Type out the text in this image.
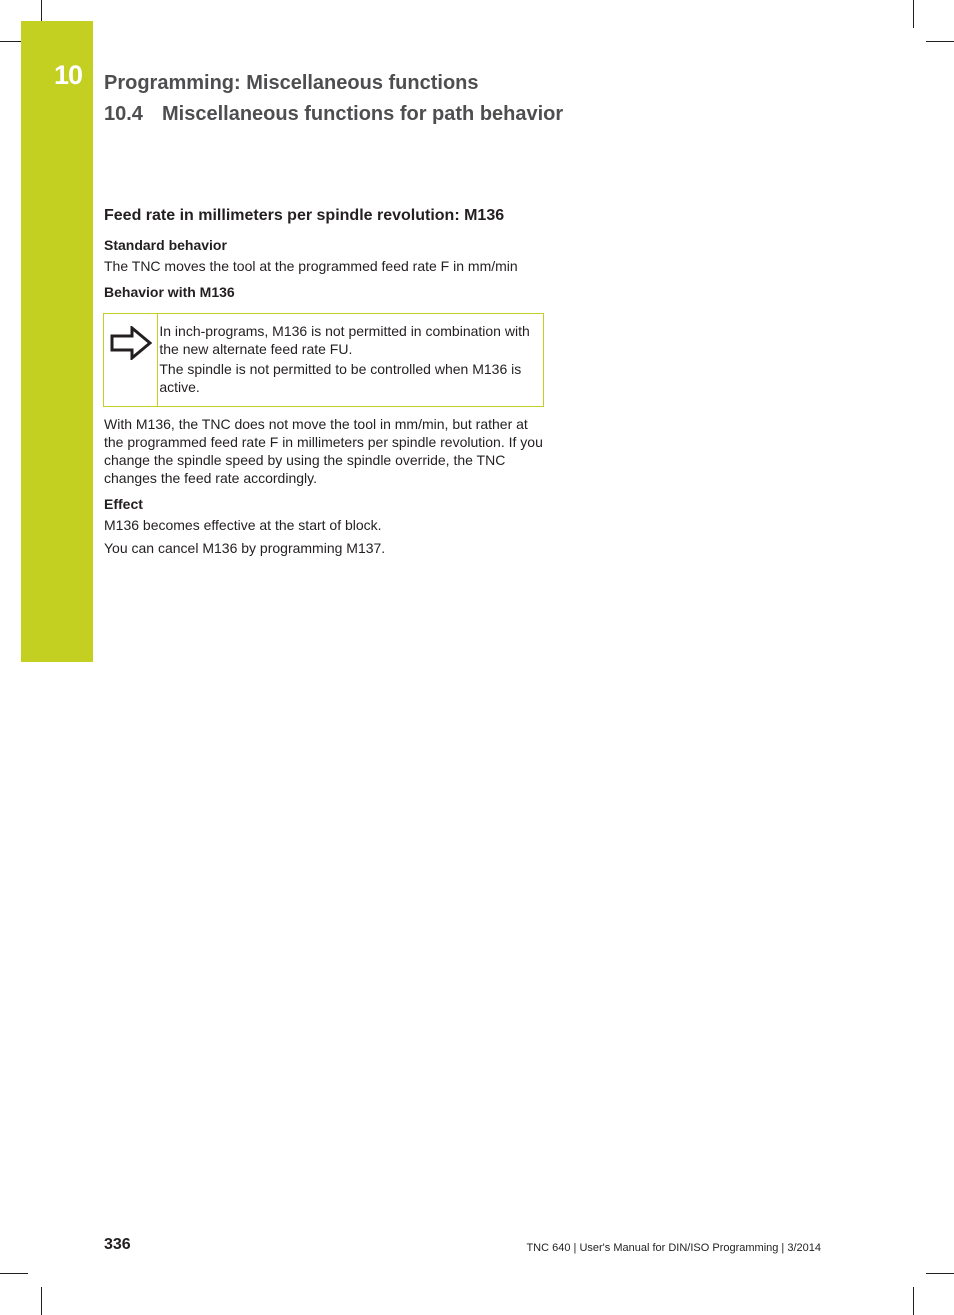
10 Programming: Miscellaneous functions
10.4 Miscellaneous functions for path behavior
Feed rate in millimeters per spindle revolution: M136
Standard behavior

The TNC moves the tool at the programmed feed rate F in mm/min

Behavior with M136

In inch-programs, M136 is not permitted in combination with the new alternate feed rate FU.

The spindle is not permitted to be controlled when M136 is active.

With M136, the TNC does not move the tool in mm/min, but rather at the programmed feed rate F in millimeters per spindle revolution. If you change the spindle speed by using the spindle override, the TNC changes the feed rate accordingly.

Effect

M136 becomes effective at the start of block.

You can cancel M136 by programming M137.

336	TNC 640 | User's Manual for DIN/ISO Programming | 3/2014
